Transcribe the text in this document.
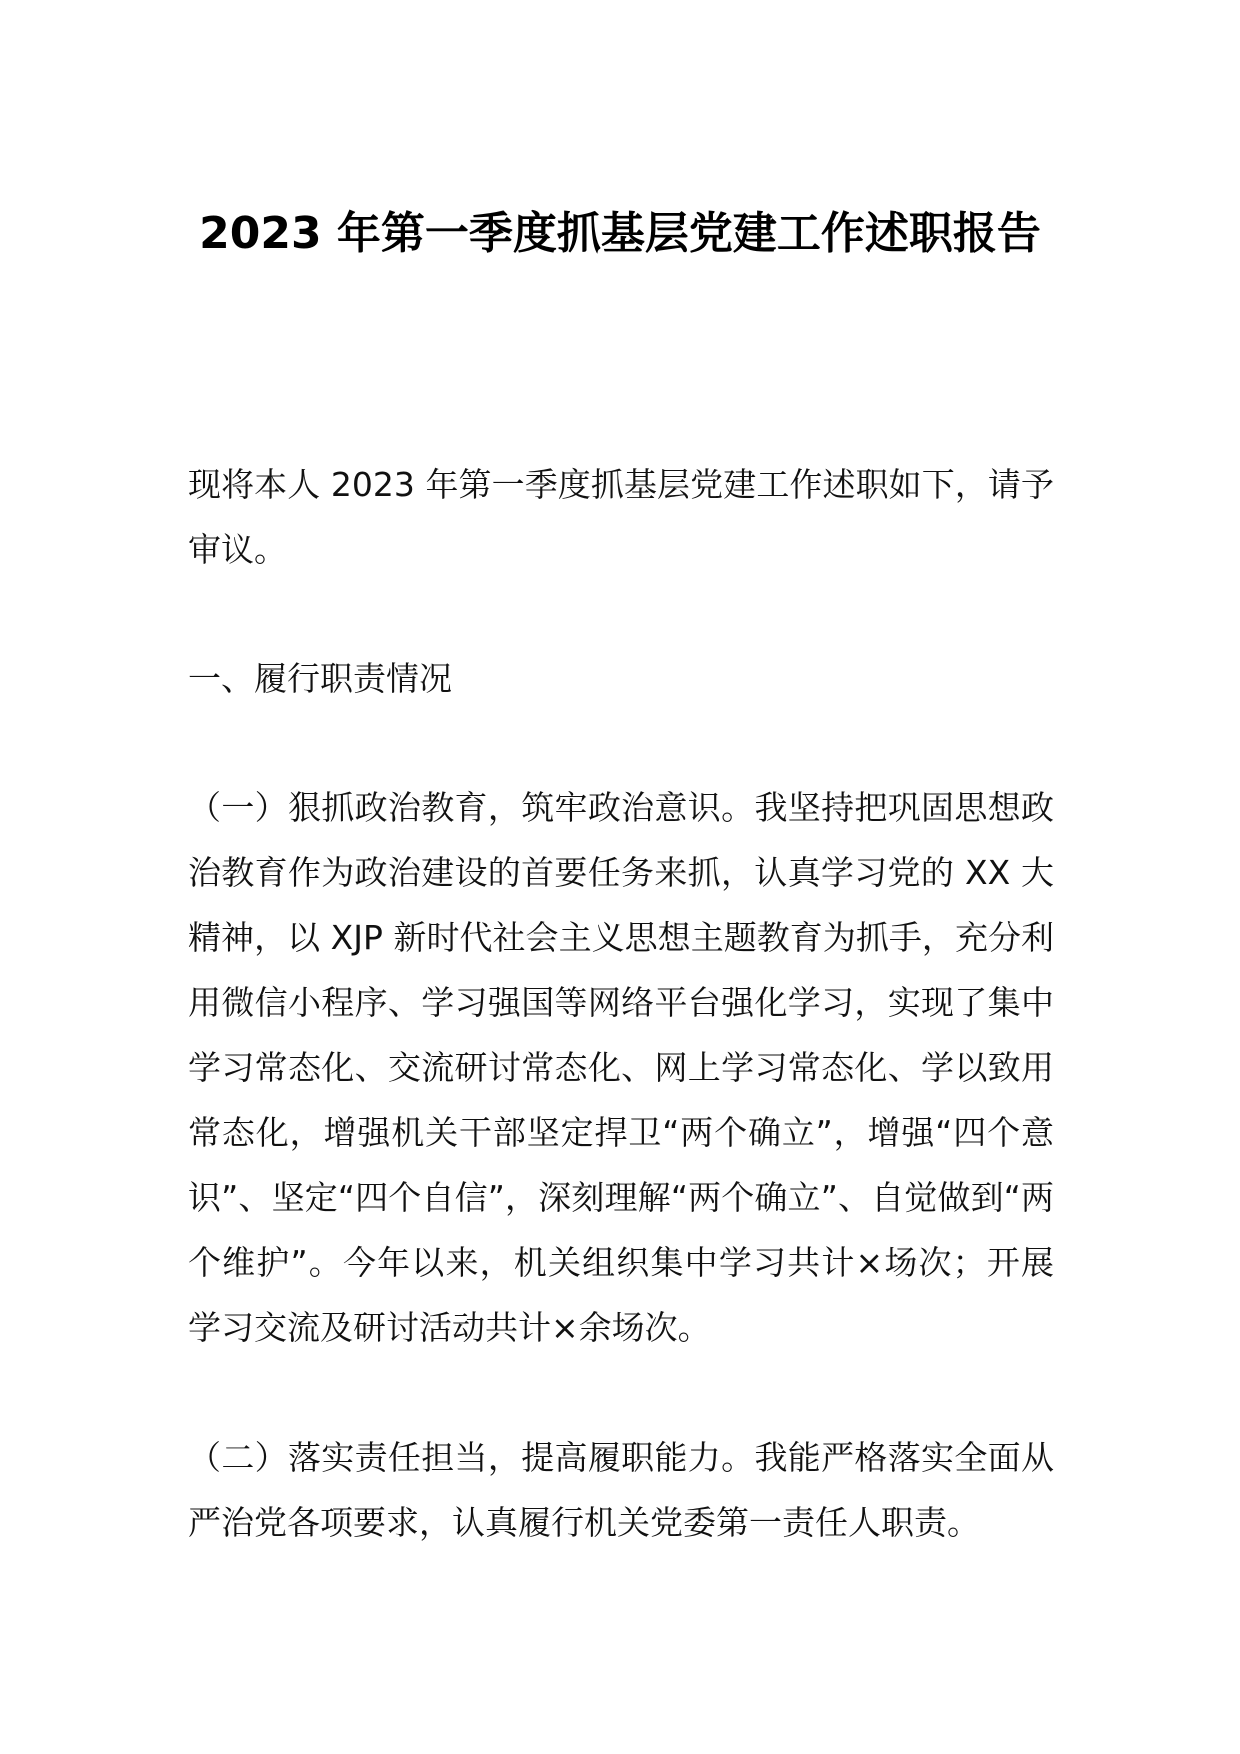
2023 年第一季度抓基层党建工作述职报告

现将本人 2023 年第一季度抓基层党建工作述职如下，请予审议。

一、履行职责情况

（一）狠抓政治教育，筑牢政治意识。我坚持把巩固思想政治教育作为政治建设的首要任务来抓，认真学习党的 XX 大精神，以 XJP 新时代社会主义思想主题教育为抓手，充分利用微信小程序、学习强国等网络平台强化学习，实现了集中学习常态化、交流研讨常态化、网上学习常态化、学以致用常态化，增强机关干部坚定捍卫“两个确立”，增强“四个意识”、坚定“四个自信”，深刻理解“两个确立”、自觉做到“两个维护”。今年以来，机关组织集中学习共计×场次；开展学习交流及研讨活动共计×余场次。

（二）落实责任担当，提高履职能力。我能严格落实全面从严治党各项要求，认真履行机关党委第一责任人职责。
